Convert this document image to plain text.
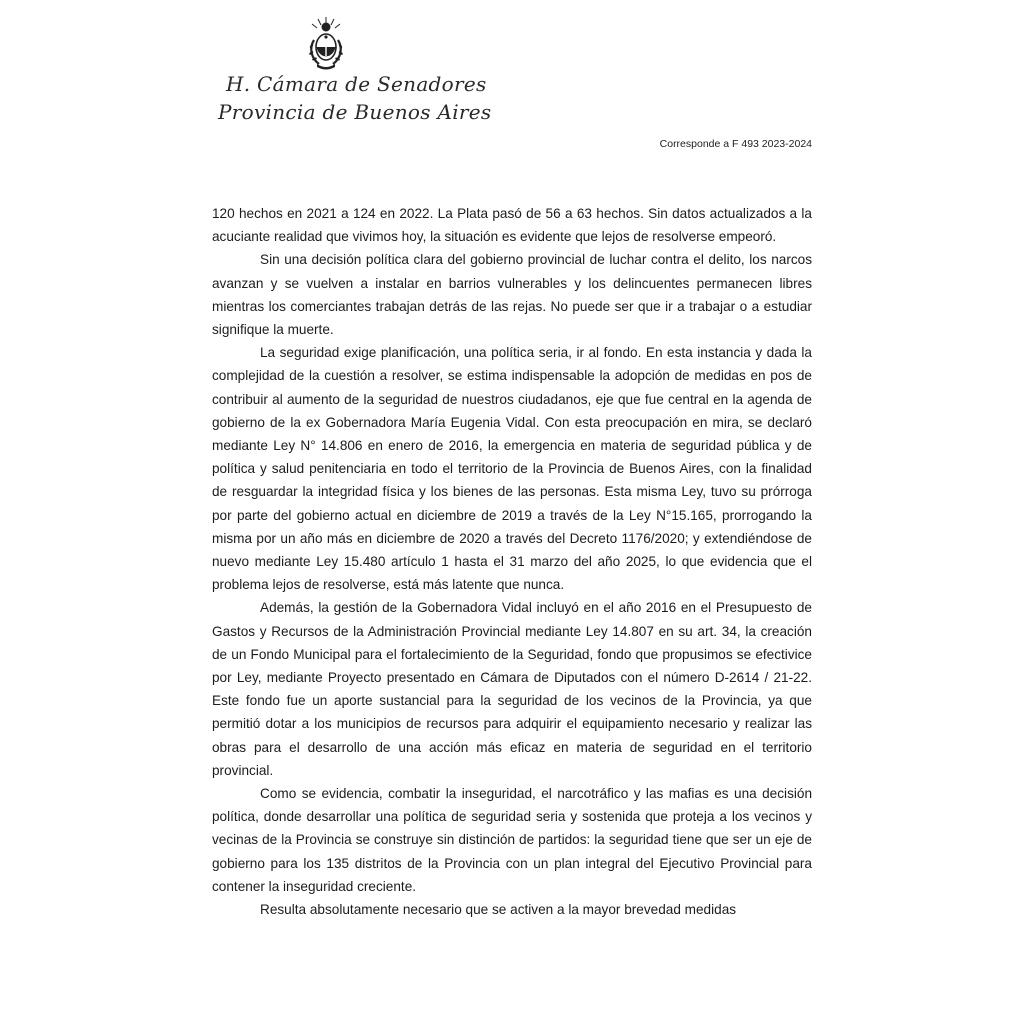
H. Cámara de Senadores
Provincia de Buenos Aires
Corresponde a F 493 2023-2024

120 hechos en 2021 a 124 en 2022. La Plata pasó de 56 a 63 hechos. Sin datos actualizados a la acuciante realidad que vivimos hoy, la situación es evidente que lejos de resolverse empeoró.

Sin una decisión política clara del gobierno provincial de luchar contra el delito, los narcos avanzan y se vuelven a instalar en barrios vulnerables y los delincuentes permanecen libres mientras los comerciantes trabajan detrás de las rejas. No puede ser que ir a trabajar o a estudiar signifique la muerte.

La seguridad exige planificación, una política seria, ir al fondo. En esta instancia y dada la complejidad de la cuestión a resolver, se estima indispensable la adopción de medidas en pos de contribuir al aumento de la seguridad de nuestros ciudadanos, eje que fue central en la agenda de gobierno de la ex Gobernadora María Eugenia Vidal. Con esta preocupación en mira, se declaró mediante Ley N° 14.806 en enero de 2016, la emergencia en materia de seguridad pública y de política y salud penitenciaria en todo el territorio de la Provincia de Buenos Aires, con la finalidad de resguardar la integridad física y los bienes de las personas. Esta misma Ley, tuvo su prórroga por parte del gobierno actual en diciembre de 2019 a través de la Ley N°15.165, prorrogando la misma por un año más en diciembre de 2020 a través del Decreto 1176/2020; y extendiéndose de nuevo mediante Ley 15.480 artículo 1 hasta el 31 marzo del año 2025, lo que evidencia que el problema lejos de resolverse, está más latente que nunca.

Además, la gestión de la Gobernadora Vidal incluyó en el año 2016 en el Presupuesto de Gastos y Recursos de la Administración Provincial mediante Ley 14.807 en su art. 34, la creación de un Fondo Municipal para el fortalecimiento de la Seguridad, fondo que propusimos se efectivice por Ley, mediante Proyecto presentado en Cámara de Diputados con el número D-2614 / 21-22. Este fondo fue un aporte sustancial para la seguridad de los vecinos de la Provincia, ya que permitió dotar a los municipios de recursos para adquirir el equipamiento necesario y realizar las obras para el desarrollo de una acción más eficaz en materia de seguridad en el territorio provincial.

Como se evidencia, combatir la inseguridad, el narcotráfico y las mafias es una decisión política, donde desarrollar una política de seguridad seria y sostenida que proteja a los vecinos y vecinas de la Provincia se construye sin distinción de partidos: la seguridad tiene que ser un eje de gobierno para los 135 distritos de la Provincia con un plan integral del Ejecutivo Provincial para contener la inseguridad creciente.

Resulta absolutamente necesario que se activen a la mayor brevedad medidas
